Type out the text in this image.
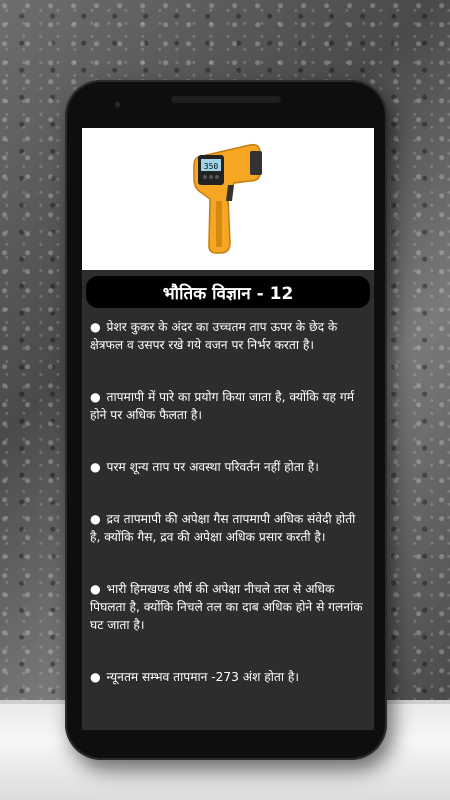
350
भौतिक विज्ञान - 12
● प्रेशर कुकर के अंदर का उच्चतम ताप ऊपर के छेद के क्षेत्रफल व उसपर रखे गये वजन पर निर्भर करता है।
● तापमापी में पारे का प्रयोग किया जाता है, क्योंकि यह गर्म होने पर अधिक फैलता है।
● परम शून्य ताप पर अवस्था परिवर्तन नहीं होता है।
● द्रव तापमापी की अपेक्षा गैस तापमापी अधिक संवेदी होती है, क्योंकि गैस, द्रव की अपेक्षा अधिक प्रसार करती है।
● भारी हिमखण्ड शीर्ष की अपेक्षा नीचले तल से अधिक पिघलता है, क्योंकि निचले तल का दाब अधिक होने से गलनांक घट जाता है।
● न्यूनतम सम्भव तापमान -273 अंश होता है।
